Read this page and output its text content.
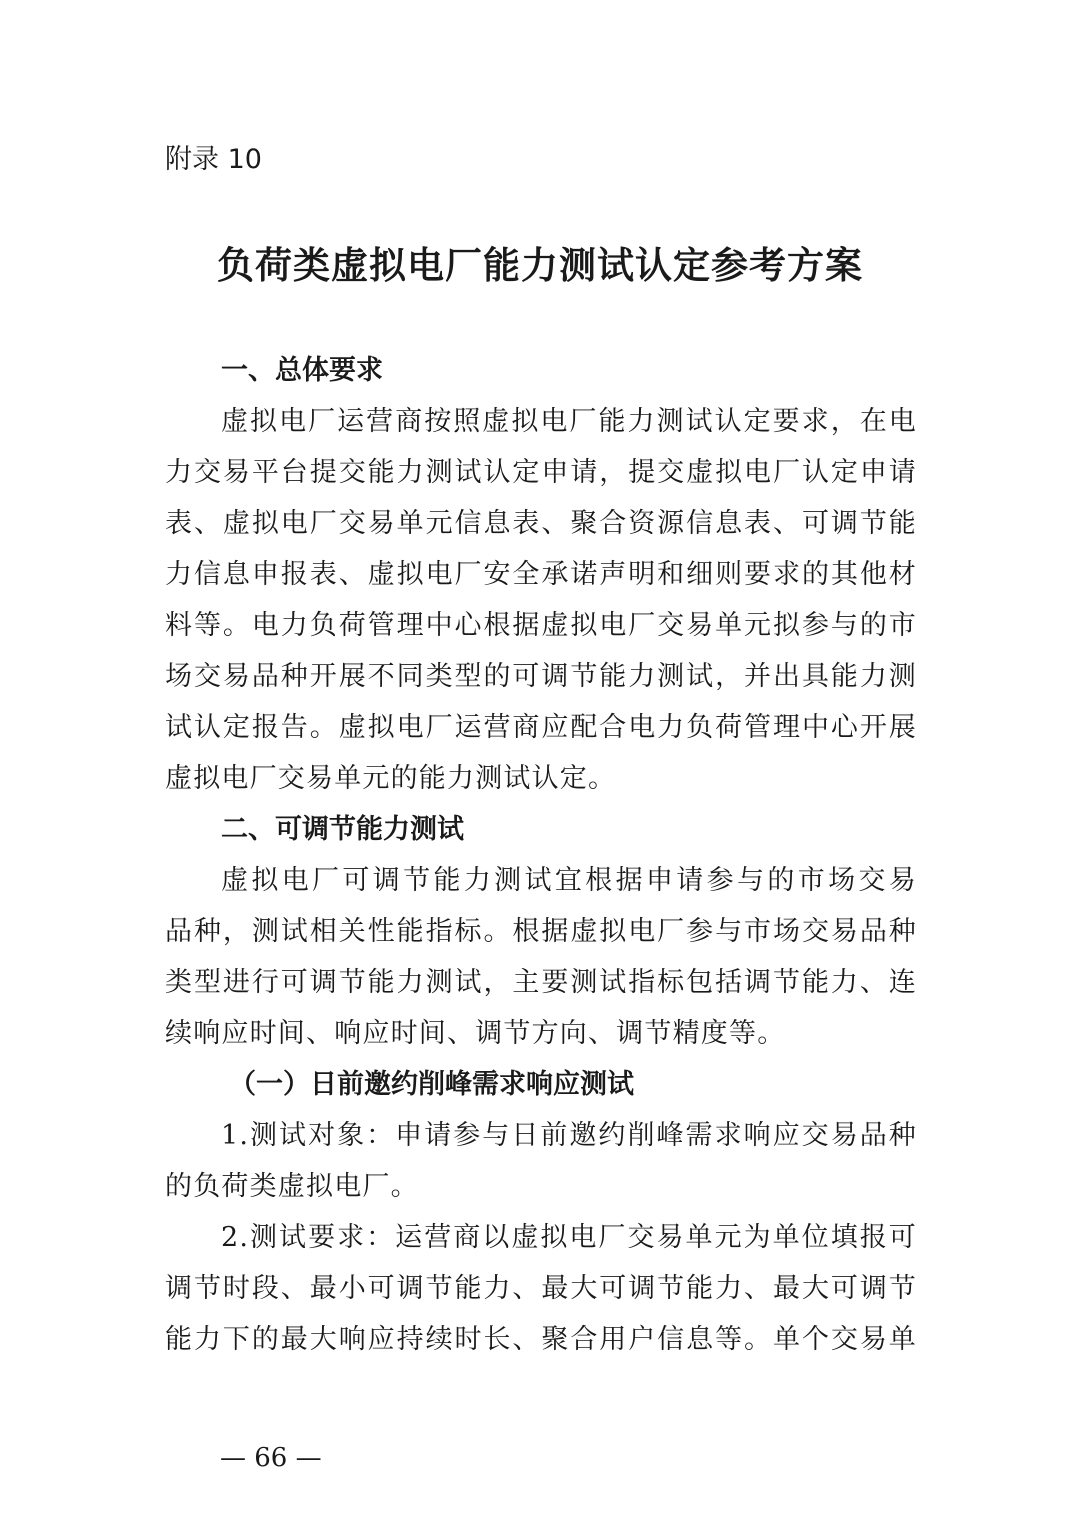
附录 10
负荷类虚拟电厂能力测试认定参考方案
一、总体要求
虚拟电厂运营商按照虚拟电厂能力测试认定要求，在电
力交易平台提交能力测试认定申请，提交虚拟电厂认定申请
表、虚拟电厂交易单元信息表、聚合资源信息表、可调节能
力信息申报表、虚拟电厂安全承诺声明和细则要求的其他材
料等。电力负荷管理中心根据虚拟电厂交易单元拟参与的市
场交易品种开展不同类型的可调节能力测试，并出具能力测
试认定报告。虚拟电厂运营商应配合电力负荷管理中心开展
虚拟电厂交易单元的能力测试认定。
二、可调节能力测试
虚拟电厂可调节能力测试宜根据申请参与的市场交易
品种，测试相关性能指标。根据虚拟电厂参与市场交易品种
类型进行可调节能力测试，主要测试指标包括调节能力、连
续响应时间、响应时间、调节方向、调节精度等。
（一）日前邀约削峰需求响应测试
1.测试对象：申请参与日前邀约削峰需求响应交易品种
的负荷类虚拟电厂。
2.测试要求：运营商以虚拟电厂交易单元为单位填报可
调节时段、最小可调节能力、最大可调节能力、最大可调节
能力下的最大响应持续时长、聚合用户信息等。单个交易单
— 66 —
